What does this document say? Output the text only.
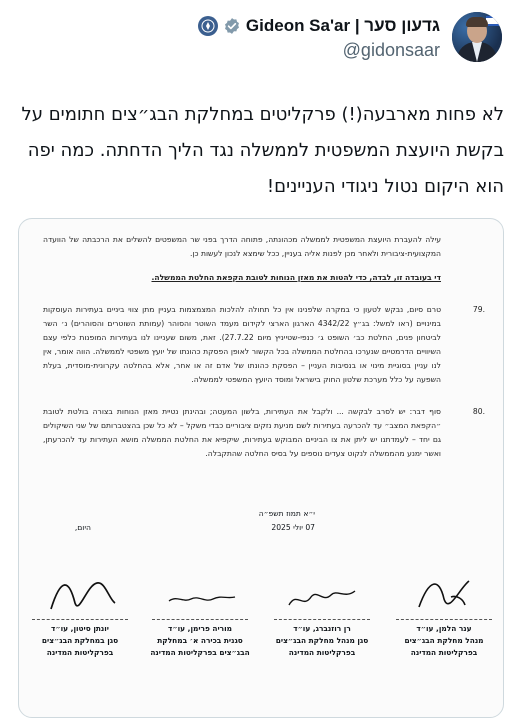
Gideon Sa'ar | גדעון סער
@gidonsaar
לא פחות מארבעה(!) פרקליטים במחלקת הבג״צים חתומים על בקשת היועצת המשפטית לממשלה נגד הליך הדחתה. כמה יפה הוא היקום נטול ניגודי העניינים!

עילה להעברת היועצת המשפטית לממשלה מכהונתה, פתוחה הדרך בפני שר המשפטים להשלים את הרכבתה של הוועדה המקצועית-ציבורית ולאחר מכן לפנות אליה בעניין, ככל שימצא לנכון לעשות כן.

די בעובדה זו, לבדה, כדי להטות את מאזן הנוחות לטובת הקפאת החלטת הממשלה.

.79

טרם סיום, נבקש לטעון כי במקרה שלפנינו אין כל תחולה להלכות המצמצמות בעניין מתן צווי ביניים בעתירות העוסקות במינויים (ראו למשל: בג״ץ 4342/22 הארגון הארצי לקידום מעמד השוטר והסוהר (עמותת השוטרים והסוהרים) נ׳ השר לביטחון פנים, החלטת כב׳ השופט ג׳ כנפי-שטייניץ מיום 27.7.22). זאת, משום שעניינו לנו בעתירות המופנות כלפי עצם השיוויים הדרמטיים שנערכו בהחלטת הממשלה בכל הקשור לאופן הפסקת כהונתו של יועץ משפטי לממשלה. הווה אומר, אין לנו עניין בסוגיית מינוי או בנסיבות העניין – הפסקת כהונתו של אדם זה או אחר, אלא בהחלטה עקרונית-מוסדית, בעלת השפעה על כלל מערכת שלטון החוק בישראל ומוסד היועץ המשפטי לממשלה.

.80

סוף דבר: יש לסרב לבקשה ... ולקבל את העתירות, בלשון המעטה; ובהינתן נטיית מאזן הנוחות בצורה בולטת לטובת ״הקפאת המצב״ עד להכרעה בעתירות לשם מניעת נזקים ציבוריים כבדי משקל – לא כל שכן בהצטברותם של שני השיקולים גם יחד – לעמדתנו יש ליתן את צו הביניים המבוקש בעתירות, שיקפיא את החלטת הממשלה מושא העתירות עד להכרעתן, ואשר ימנע מהממשלה לנקוט צעדים נוספים על בסיס החלטה שהתקבלה.

היום,
י״א תמוז תשפ״ה
07 יולי 2025
ענר הלמן, עו״ד
מנהל מחלקת הבג״צים בפרקליטות המדינה
רן רוזנברג, עו״ד
סגן מנהל מחלקת הבג״צים בפרקליטות המדינה
מוריה פרימן, עו״ד
סגנית בכירה א׳ במחלקת הבג״צים בפרקליטות המדינה
יונתן סיטון, עו״ד
סגן במחלקת הבג״צים בפרקליטות המדינה
